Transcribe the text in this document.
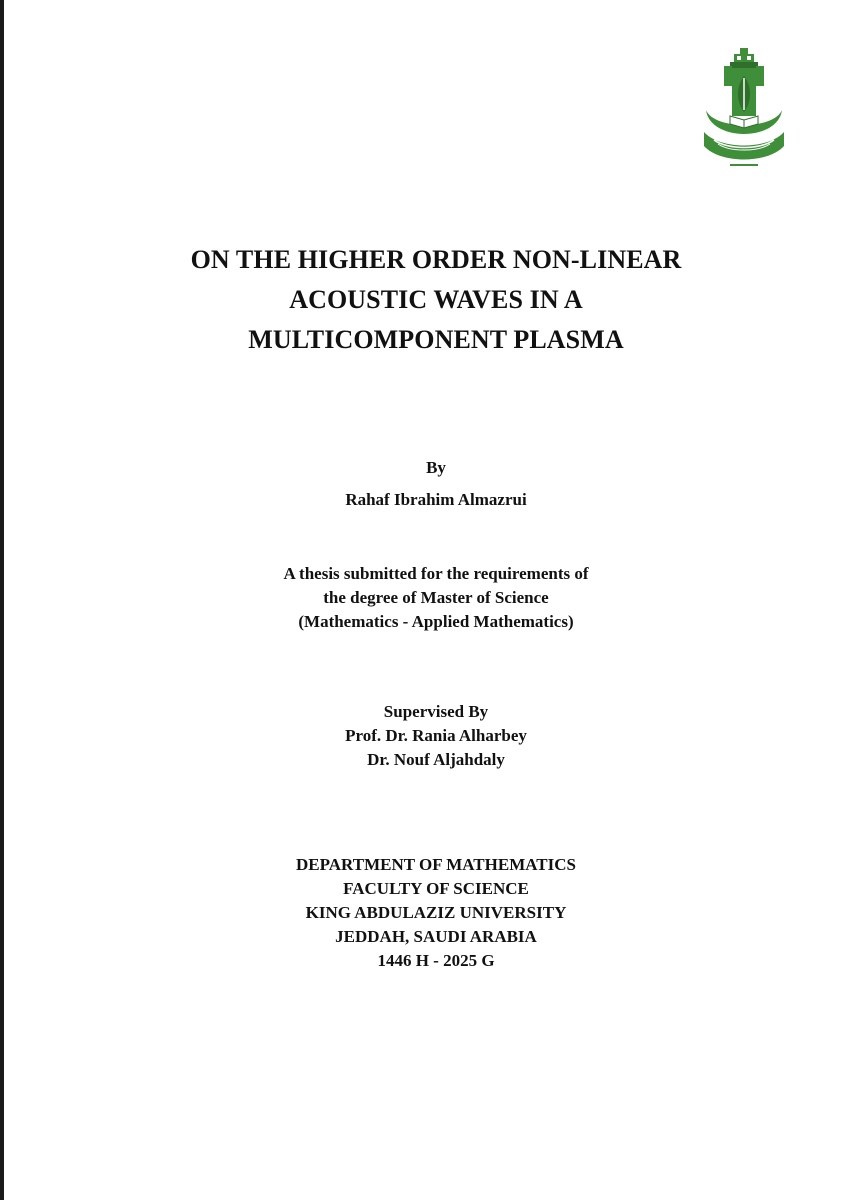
ON THE HIGHER ORDER NON-LINEAR
ACOUSTIC WAVES IN A
MULTICOMPONENT PLASMA
By
Rahaf Ibrahim Almazrui
A thesis submitted for the requirements of
the degree of Master of Science
(Mathematics - Applied Mathematics)
Supervised By
Prof. Dr. Rania Alharbey
Dr. Nouf Aljahdaly
DEPARTMENT OF MATHEMATICS
FACULTY OF SCIENCE
KING ABDULAZIZ UNIVERSITY
JEDDAH, SAUDI ARABIA
1446 H - 2025 G
